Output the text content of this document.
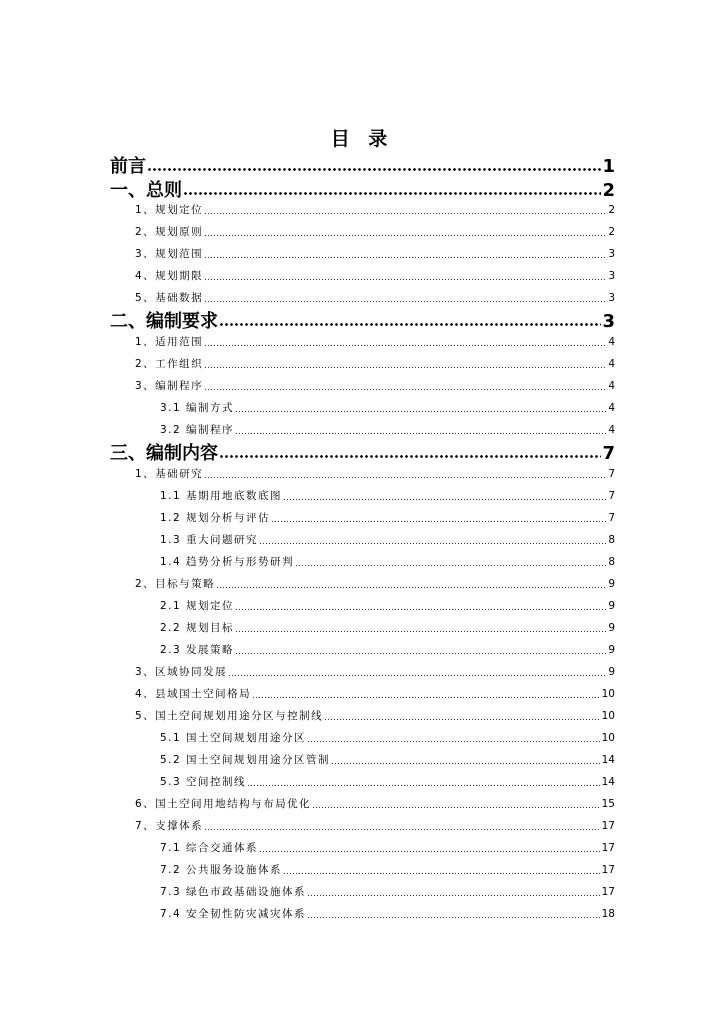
目 录
前言	1
一、总则	2
1、规划定位	2
2、规划原则	2
3、规划范围	3
4、规划期限	3
5、基础数据	3
二、编制要求	3
1、适用范围	4
2、工作组织	4
3、编制程序	4
3.1 编制方式	4
3.2 编制程序	4
三、编制内容	7
1、基础研究	7
1.1 基期用地底数底图	7
1.2 规划分析与评估	7
1.3 重大问题研究	8
1.4 趋势分析与形势研判	8
2、目标与策略	9
2.1 规划定位	9
2.2 规划目标	9
2.3 发展策略	9
3、区域协同发展	9
4、县域国土空间格局	10
5、国土空间规划用途分区与控制线	10
5.1 国土空间规划用途分区	10
5.2 国土空间规划用途分区管制	14
5.3 空间控制线	14
6、国土空间用地结构与布局优化	15
7、支撑体系	17
7.1 综合交通体系	17
7.2 公共服务设施体系	17
7.3 绿色市政基础设施体系	17
7.4 安全韧性防灾减灾体系	18
